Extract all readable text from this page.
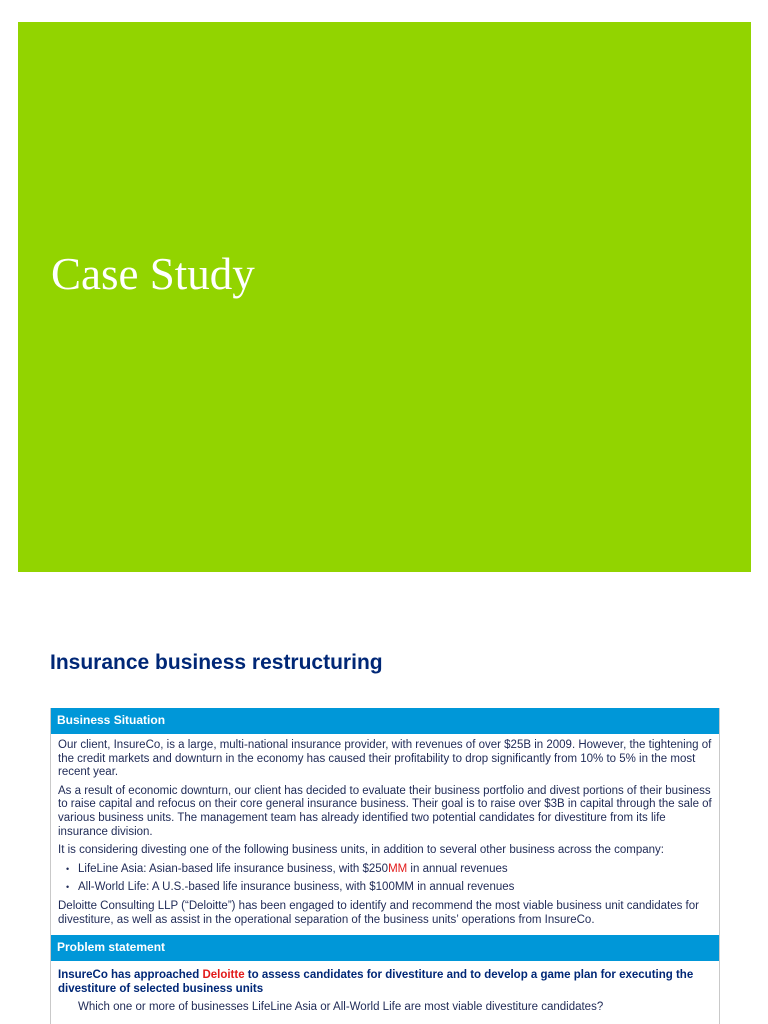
Case Study
Insurance business restructuring
Business Situation

Our client, InsureCo, is a large, multi-national insurance provider, with revenues of over $25B in 2009. However, the tightening of the credit markets and downturn in the economy has caused their profitability to drop significantly from 10% to 5% in the most recent year.

As a result of economic downturn, our client has decided to evaluate their business portfolio and divest portions of their business to raise capital and refocus on their core general insurance business. Their goal is to raise over $3B in capital through the sale of various business units. The management team has already identified two potential candidates for divestiture from its life insurance division.

It is considering divesting one of the following business units, in addition to several other business across the company:

• LifeLine Asia: Asian-based life insurance business, with $250MM in annual revenues
• All-World Life: A U.S.-based life insurance business, with $100MM in annual revenues

Deloitte Consulting LLP (“Deloitte”) has been engaged to identify and recommend the most viable business unit candidates for divestiture, as well as assist in the operational separation of the business units’ operations from InsureCo.

Problem statement

InsureCo has approached Deloitte to assess candidates for divestiture and to develop a game plan for executing the divestiture of selected business units

Which one or more of businesses LifeLine Asia or All-World Life are most viable divestiture candidates?
